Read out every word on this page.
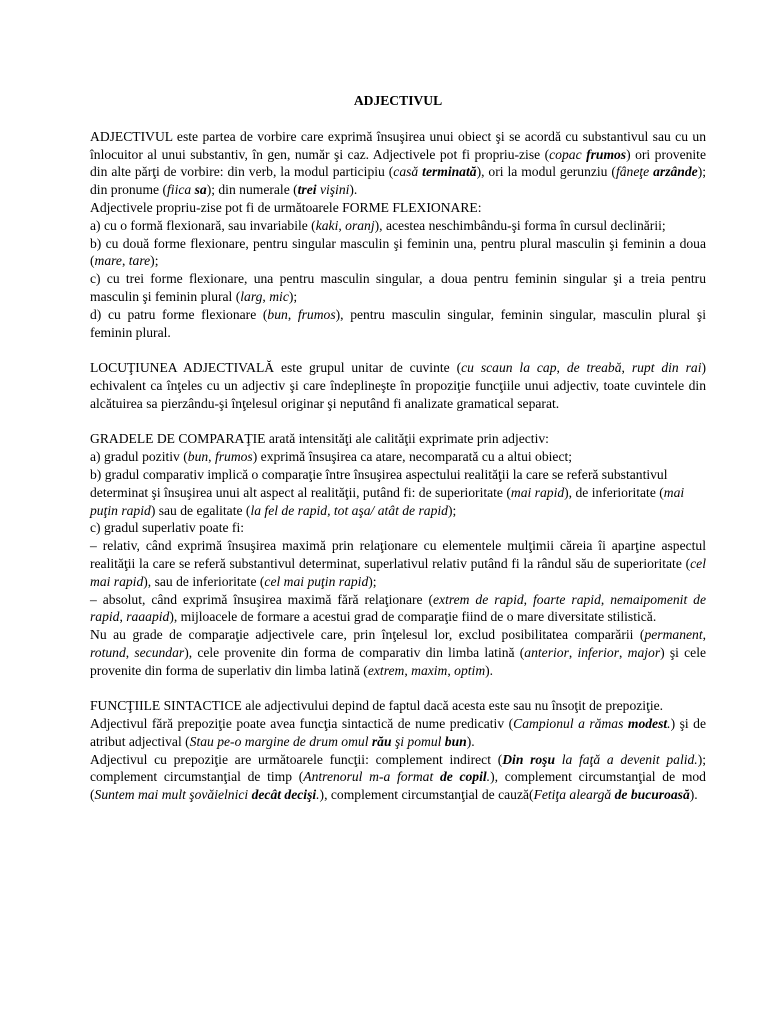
ADJECTIVUL

ADJECTIVUL este partea de vorbire care exprimă însuşirea unui obiect şi se acordă cu substantivul sau cu un înlocuitor al unui substantiv, în gen, număr şi caz. Adjectivele pot fi propriu-zise (copac frumos) ori provenite din alte părţi de vorbire: din verb, la modul participiu (casă terminată), ori la modul gerunziu (fâneţe arzânde); din pronume (fiica sa); din numerale (trei vişini).

Adjectivele propriu-zise pot fi de următoarele FORME FLEXIONARE:

a) cu o formă flexionară, sau invariabile (kaki, oranj), acestea neschimbându-şi forma în cursul declinării;

b) cu două forme flexionare, pentru singular masculin şi feminin una, pentru plural masculin şi feminin a doua (mare, tare);

c) cu trei forme flexionare, una pentru masculin singular, a doua pentru feminin singular şi a treia pentru masculin şi feminin plural (larg, mic);

d) cu patru forme flexionare (bun, frumos), pentru masculin singular, feminin singular, masculin plural şi feminin plural.

LOCUŢIUNEA ADJECTIVALĂ este grupul unitar de cuvinte (cu scaun la cap, de treabă, rupt din rai) echivalent ca înţeles cu un adjectiv şi care îndeplineşte în propoziţie funcţiile unui adjectiv, toate cuvintele din alcătuirea sa pierzându-şi înţelesul originar şi neputând fi analizate gramatical separat.

GRADELE DE COMPARAŢIE arată intensităţi ale calităţii exprimate prin adjectiv:

a) gradul pozitiv (bun, frumos) exprimă însuşirea ca atare, necomparată cu a altui obiect;

b) gradul comparativ implică o comparaţie între însuşirea aspectului realităţii la care se referă substantivul determinat şi însuşirea unui alt aspect al realităţii, putând fi: de superioritate (mai rapid), de inferioritate (mai puţin rapid) sau de egalitate (la fel de rapid, tot aşa/ atât de rapid);

c) gradul superlativ poate fi:

– relativ, când exprimă însuşirea maximă prin relaţionare cu elementele mulţimii căreia îi aparţine aspectul realităţii la care se referă substantivul determinat, superlativul relativ putând fi la rândul său de superioritate (cel mai rapid), sau de inferioritate (cel mai puţin rapid);

– absolut, când exprimă însuşirea maximă fără relaţionare (extrem de rapid, foarte rapid, nemaipomenit de rapid, raaapid), mijloacele de formare a acestui grad de comparaţie fiind de o mare diversitate stilistică.

Nu au grade de comparaţie adjectivele care, prin înţelesul lor, exclud posibilitatea comparării (permanent, rotund, secundar), cele provenite din forma de comparativ din limba latină (anterior, inferior, major) şi cele provenite din forma de superlativ din limba latină (extrem, maxim, optim).

FUNCŢIILE SINTACTICE ale adjectivului depind de faptul dacă acesta este sau nu însoţit de prepoziţie.

Adjectivul fără prepoziţie poate avea funcţia sintactică de nume predicativ (Campionul a rămas modest.) şi de atribut adjectival (Stau pe-o margine de drum omul rău şi pomul bun).

Adjectivul cu prepoziţie are următoarele funcţii: complement indirect (Din roşu la faţă a devenit palid.); complement circumstanţial de timp (Antrenorul m-a format de copil.), complement circumstanţial de mod (Suntem mai mult şovăielnici decât decişi.), complement circumstanţial de cauză(Fetiţa aleargă de bucuroasă).
